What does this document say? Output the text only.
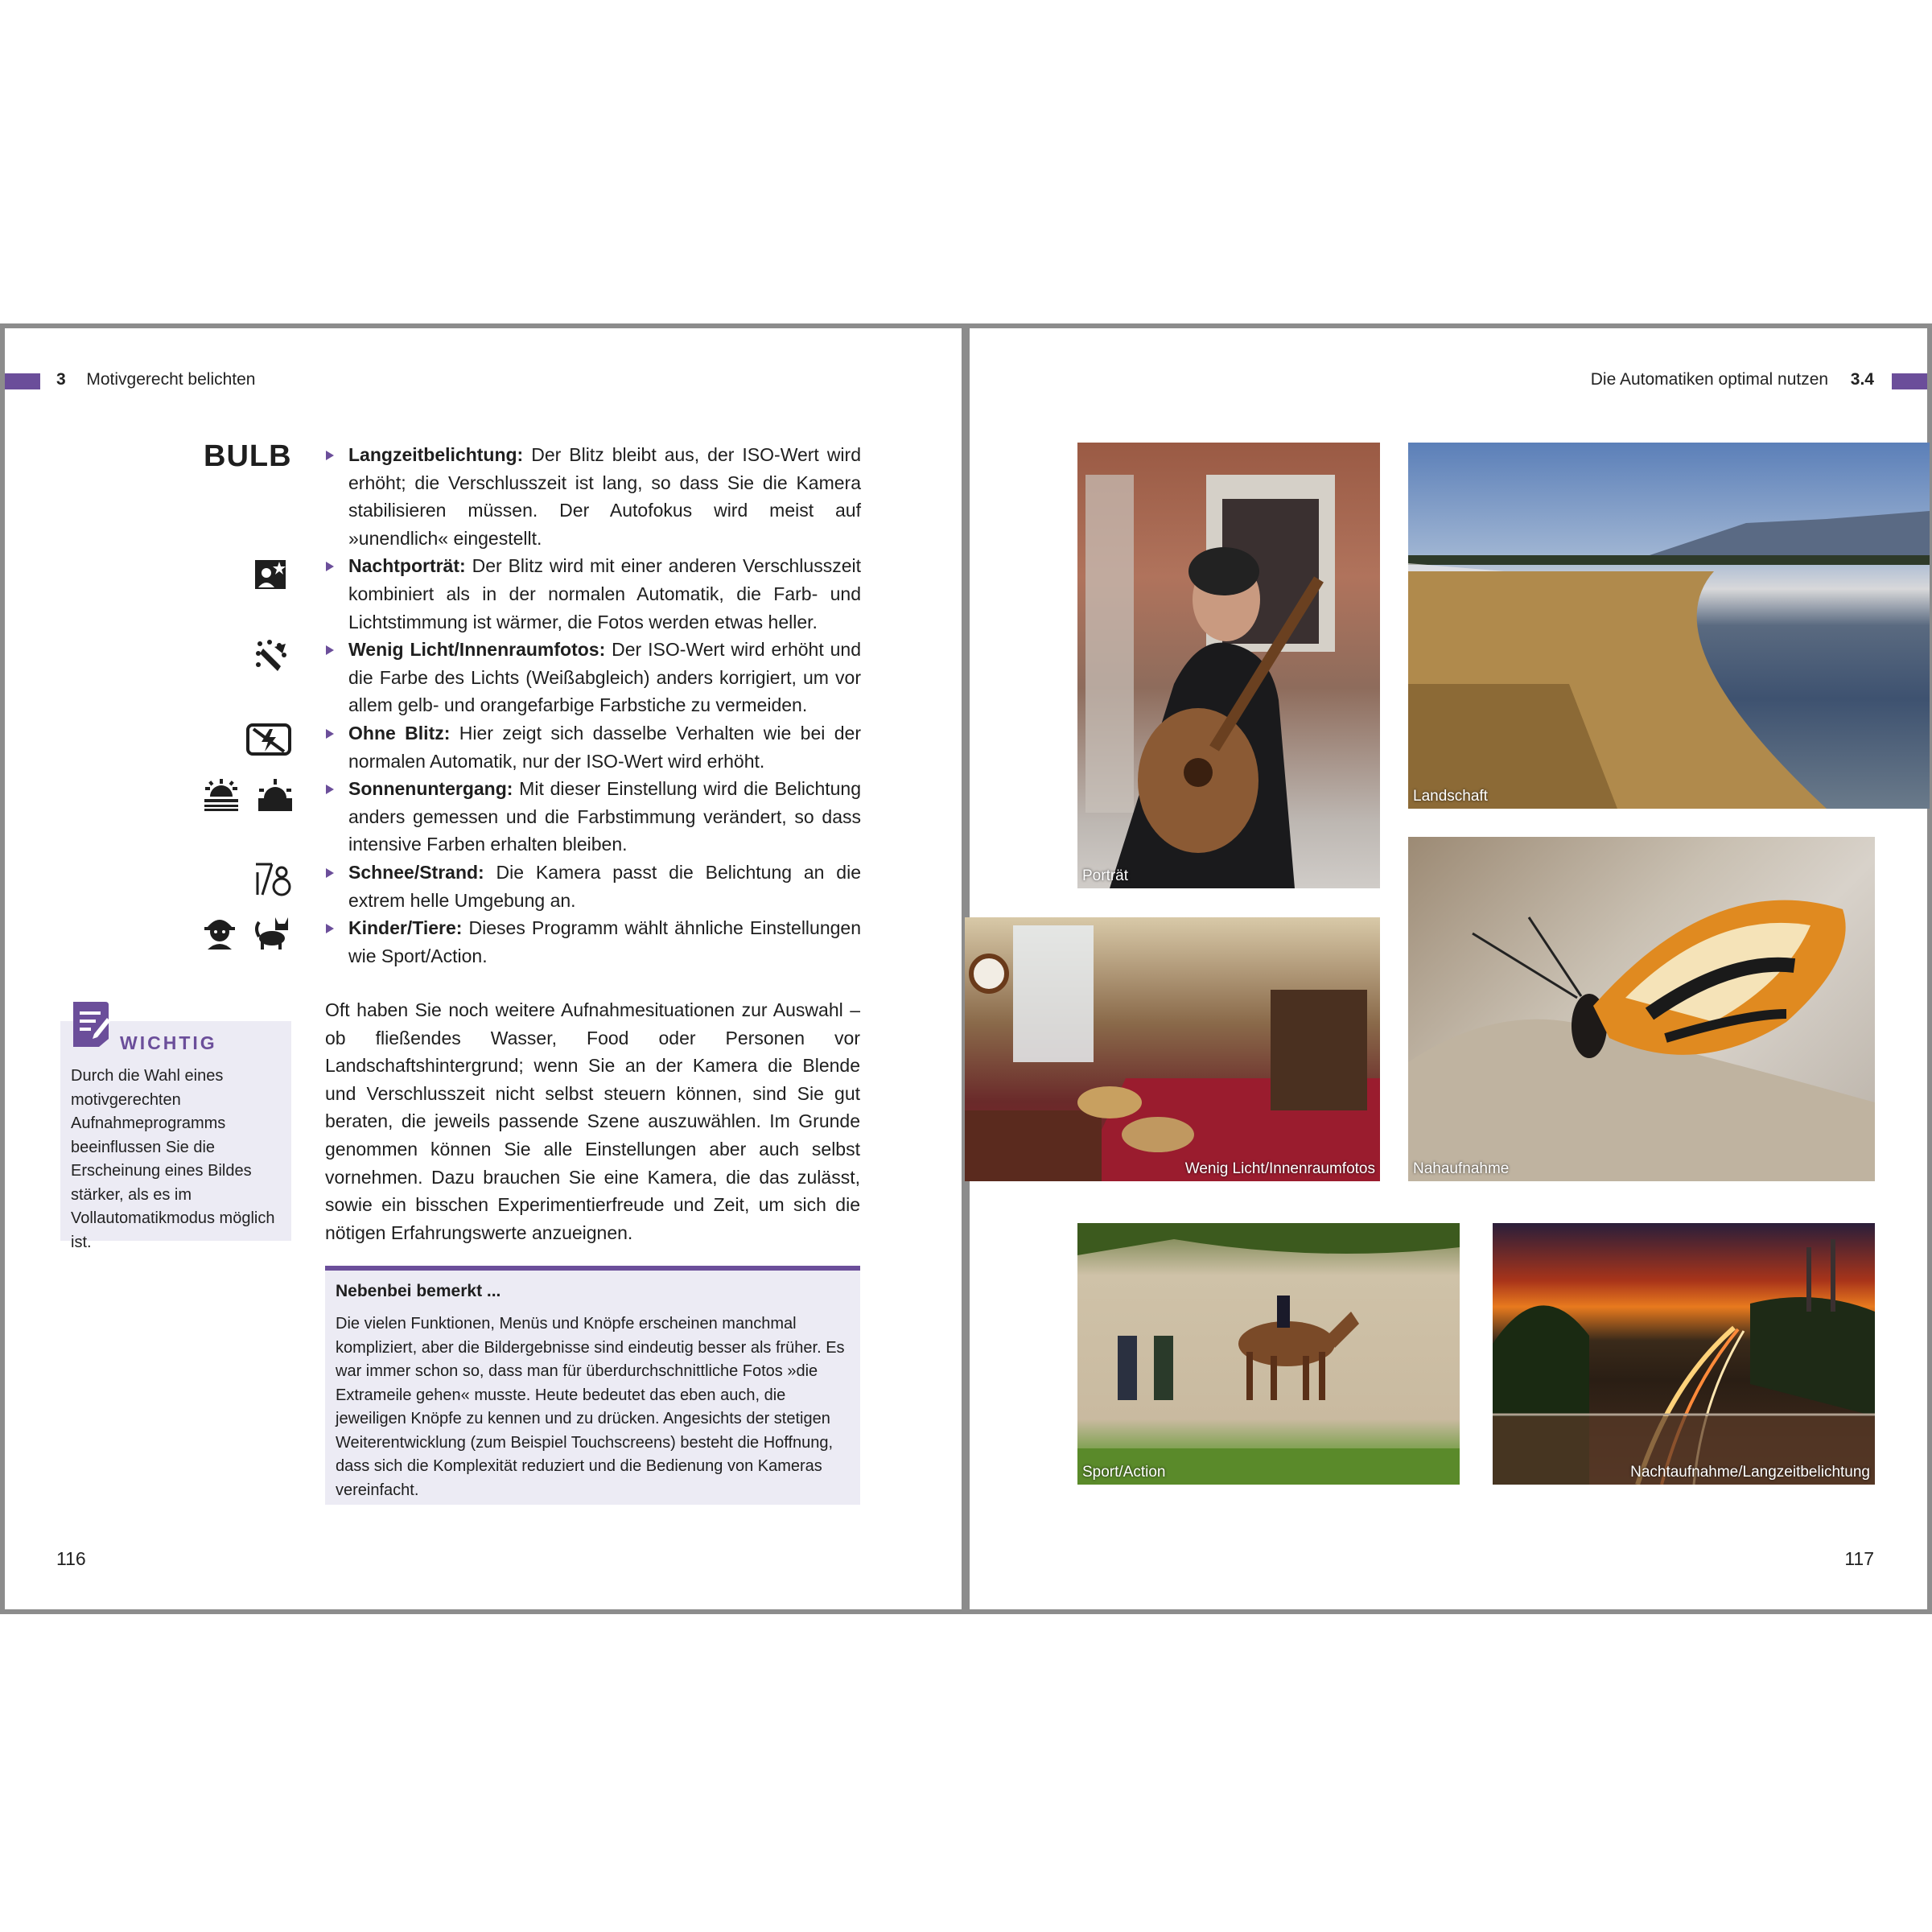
3 Motivgerecht belichten
BULB	Langzeitbelichtung: Der Blitz bleibt aus, der ISO-Wert wird erhöht; die Verschlusszeit ist lang, so dass Sie die Kamera stabilisieren müssen. Der Autofokus wird meist auf »unendlich« eingestellt.
Nachtporträt: Der Blitz wird mit einer anderen Verschlusszeit kombiniert als in der normalen Automatik, die Farb- und Lichtstimmung ist wärmer, die Fotos werden etwas heller.
Wenig Licht/Innenraumfotos: Der ISO-Wert wird erhöht und die Farbe des Lichts (Weißabgleich) anders korrigiert, um vor allem gelb- und orangefarbige Farbstiche zu vermeiden.
Ohne Blitz: Hier zeigt sich dasselbe Verhalten wie bei der normalen Automatik, nur der ISO-Wert wird erhöht.
Sonnenuntergang: Mit dieser Einstellung wird die Belichtung anders gemessen und die Farbstimmung verändert, so dass intensive Farben erhalten bleiben.
Schnee/Strand: Die Kamera passt die Belichtung an die extrem helle Umgebung an.
Kinder/Tiere: Dieses Programm wählt ähnliche Einstellungen wie Sport/Action.
WICHTIG
Durch die Wahl eines motivgerechten Aufnahmeprogramms beeinflussen Sie die Erscheinung eines Bildes stärker, als es im Vollautomatikmodus möglich ist.
Oft haben Sie noch weitere Aufnahmesituationen zur Auswahl – ob fließendes Wasser, Food oder Personen vor Landschaftshintergrund; wenn Sie an der Kamera die Blende und Verschlusszeit nicht selbst steuern können, sind Sie gut beraten, die jeweils passende Szene auszuwählen. Im Grunde genommen können Sie alle Einstellungen aber auch selbst vornehmen. Dazu brauchen Sie eine Kamera, die das zulässt, sowie ein bisschen Experimentierfreude und Zeit, um sich die nötigen Erfahrungswerte anzueignen.
Nebenbei bemerkt ...
Die vielen Funktionen, Menüs und Knöpfe erscheinen manchmal kompliziert, aber die Bildergebnisse sind eindeutig besser als früher. Es war immer schon so, dass man für überdurchschnittliche Fotos »die Extrameile gehen« musste. Heute bedeutet das eben auch, die jeweiligen Knöpfe zu kennen und zu drücken. Angesichts der stetigen Weiterentwicklung (zum Beispiel Touchscreens) besteht die Hoffnung, dass sich die Komplexität reduziert und die Bedienung von Kameras vereinfacht.
116
Die Automatiken optimal nutzen 3.4
117
Porträt
Landschaft
Wenig Licht/Innenraumfotos Nahaufnahme
Sport/Action	Nachtaufnahme/Langzeitbelichtung
